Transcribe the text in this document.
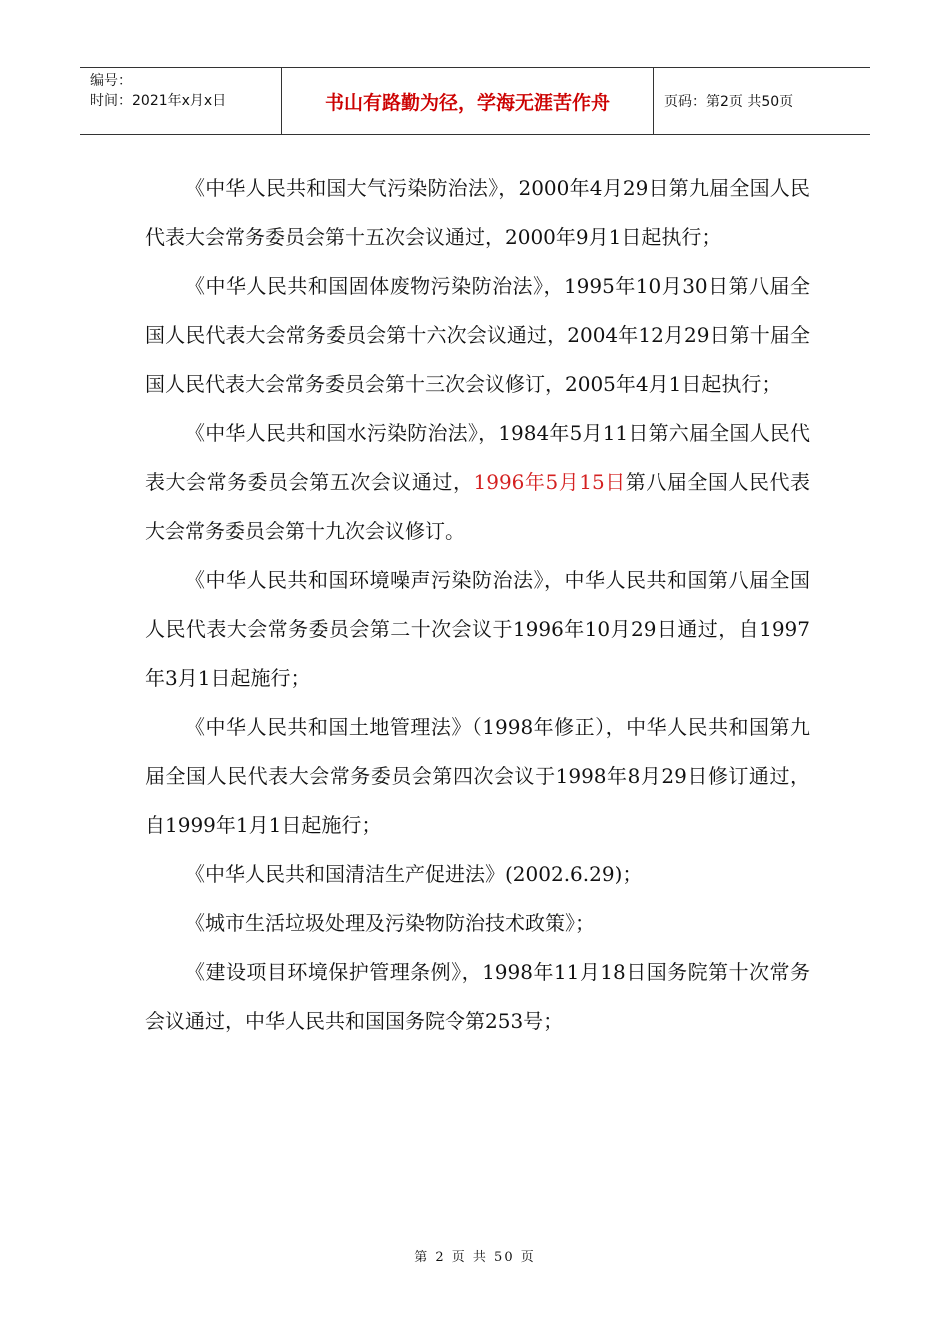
编号：
时间：2021年x月x日	书山有路勤为径，学海无涯苦作舟	页码：第2页 共50页

《中华人民共和国大气污染防治法》，2000年4月29日第九届全国人民代表大会常务委员会第十五次会议通过，2000年9月1日起执行；

《中华人民共和国固体废物污染防治法》，1995年10月30日第八届全国人民代表大会常务委员会第十六次会议通过，2004年12月29日第十届全国人民代表大会常务委员会第十三次会议修订，2005年4月1日起执行；

《中华人民共和国水污染防治法》，1984年5月11日第六届全国人民代表大会常务委员会第五次会议通过，1996年5月15日第八届全国人民代表大会常务委员会第十九次会议修订。

《中华人民共和国环境噪声污染防治法》，中华人民共和国第八届全国人民代表大会常务委员会第二十次会议于1996年10月29日通过，自1997年3月1日起施行；

《中华人民共和国土地管理法》（1998年修正），中华人民共和国第九届全国人民代表大会常务委员会第四次会议于1998年8月29日修订通过，自1999年1月1日起施行；

《中华人民共和国清洁生产促进法》(2002.6.29)；

《城市生活垃圾处理及污染物防治技术政策》；

《建设项目环境保护管理条例》，1998年11月18日国务院第十次常务会议通过，中华人民共和国国务院令第253号；

第 2 页 共 50 页
